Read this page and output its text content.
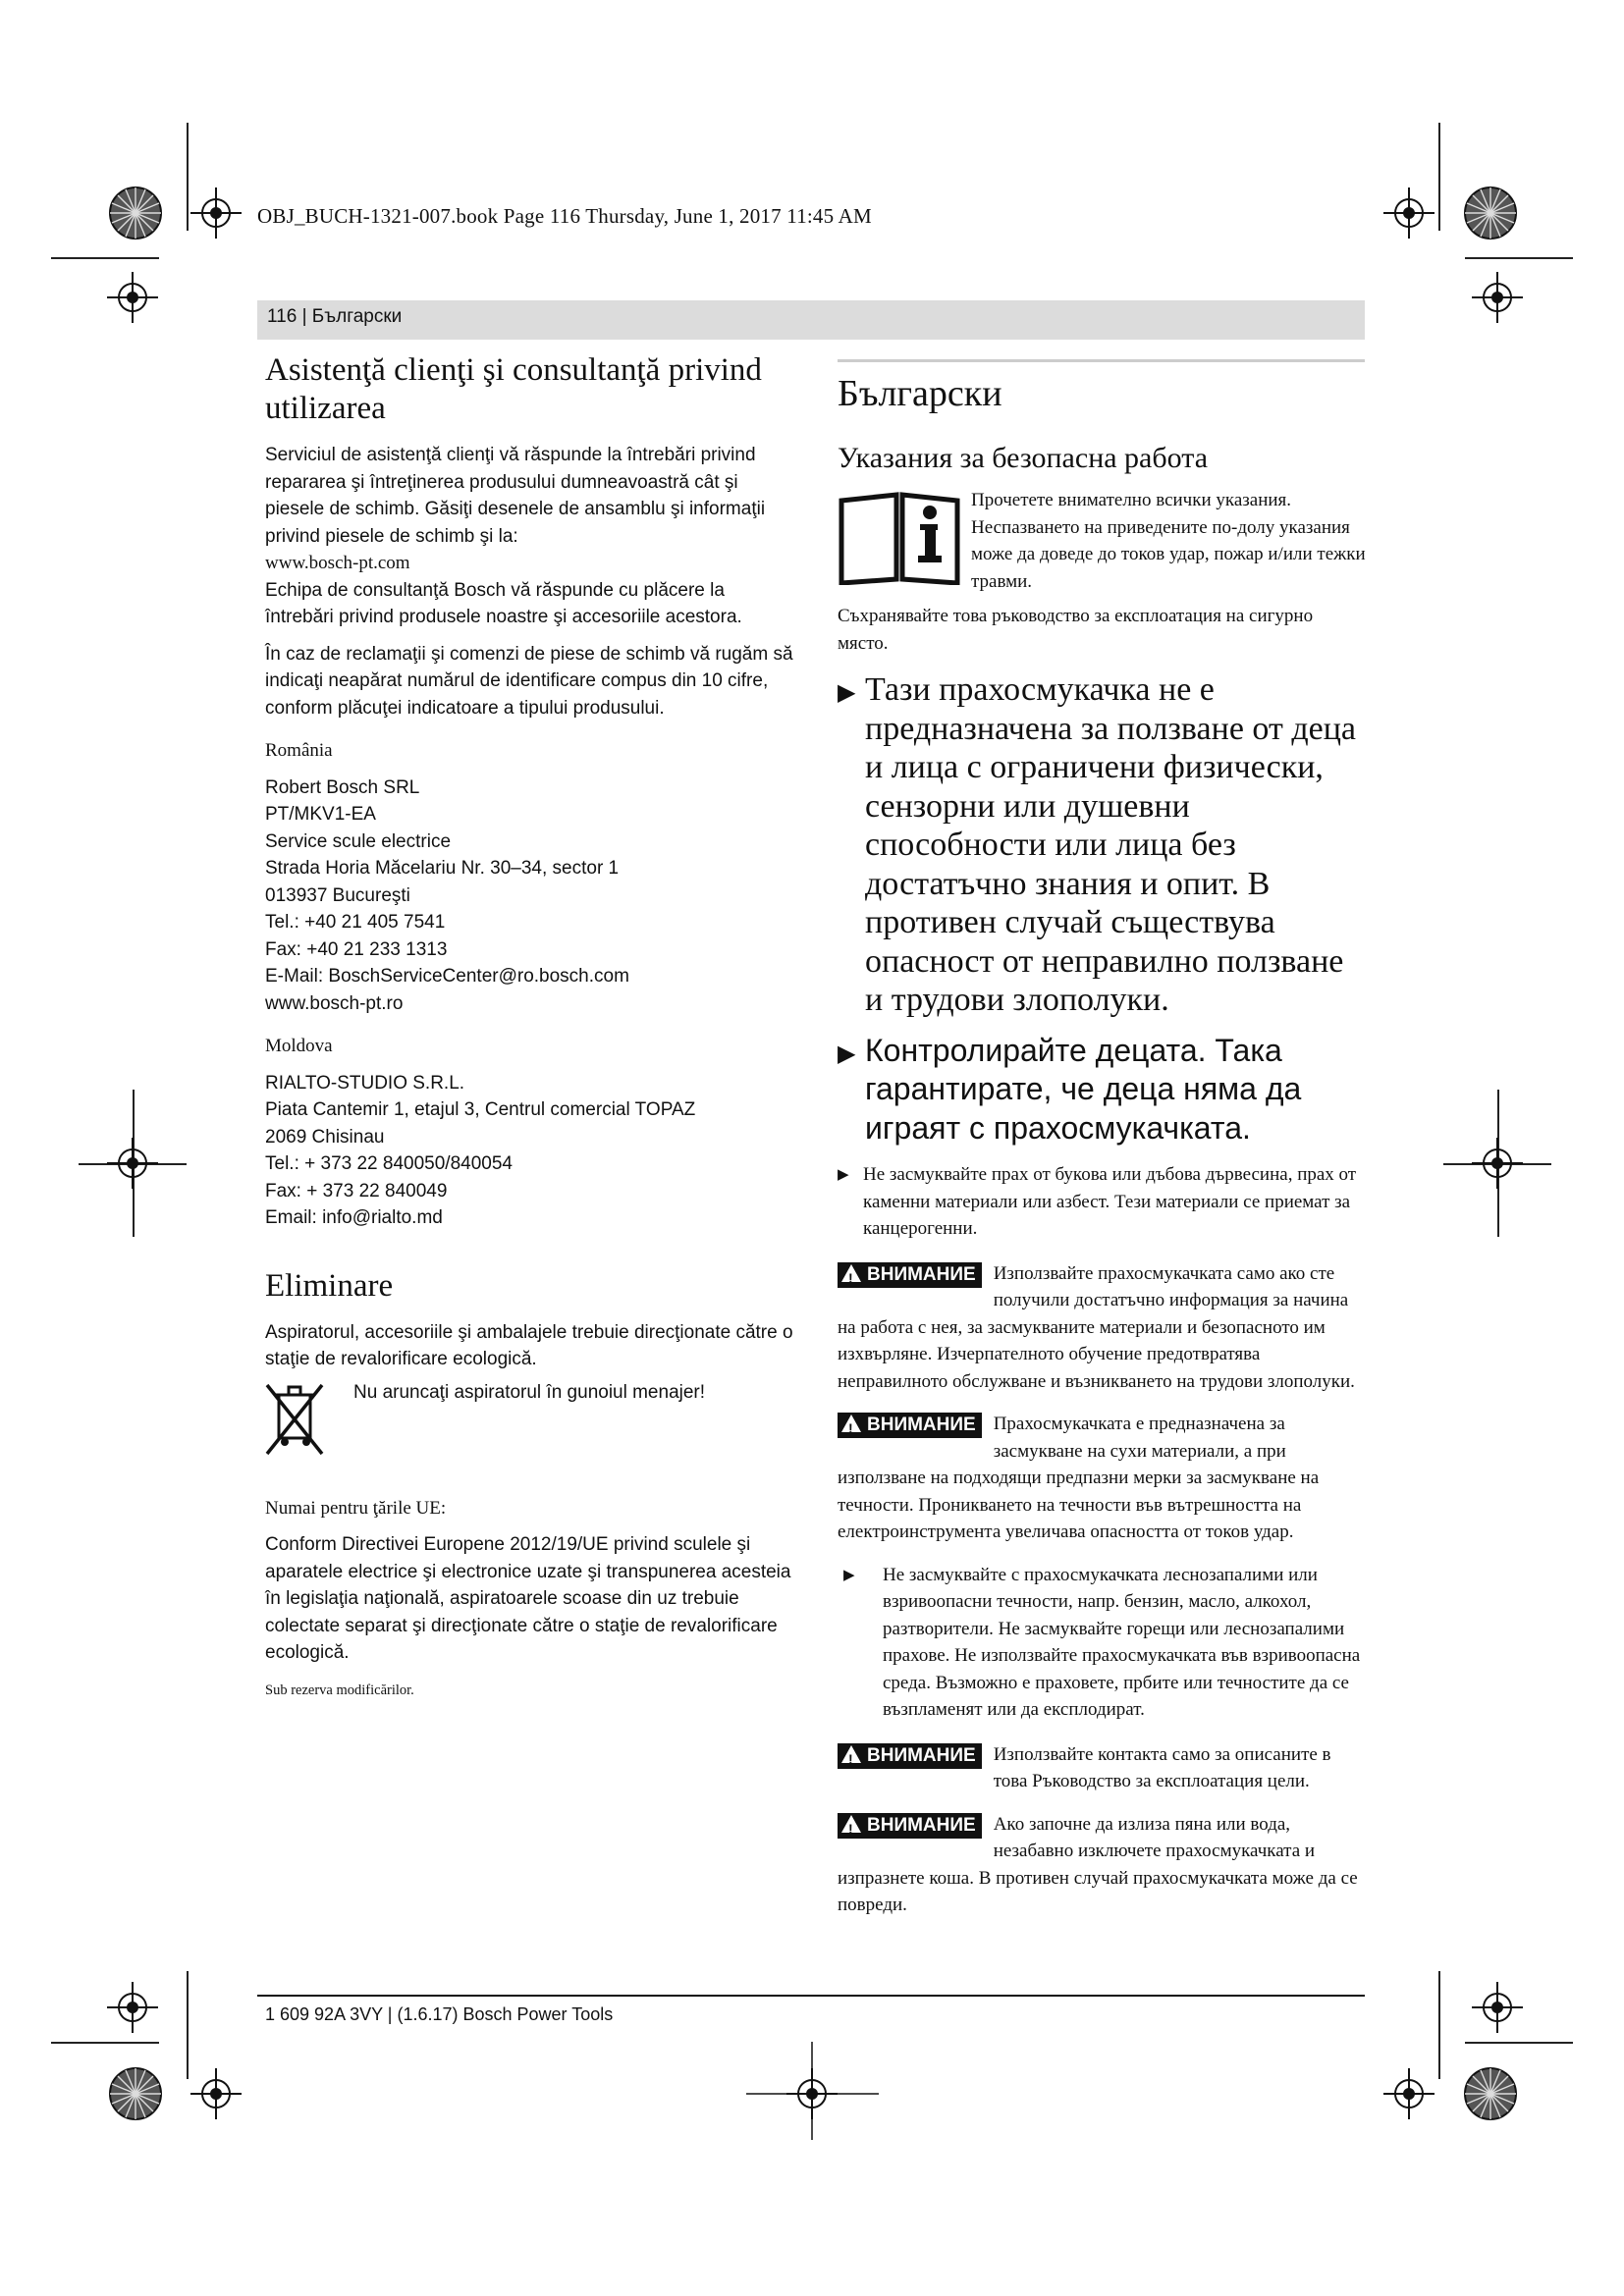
OBJ_BUCH-1321-007.book Page 116 Thursday, June 1, 2017 11:45 AM
116 | Български
Asistenţă clienţi şi consultanţă privind utilizarea

Serviciul de asistenţă clienţi vă răspunde la întrebări privind repararea şi întreţinerea produsului dumneavoastră cât şi piesele de schimb. Găsiţi desenele de ansamblu şi informaţii privind piesele de schimb şi la:

www.bosch-pt.com

Echipa de consultanţă Bosch vă răspunde cu plăcere la întrebări privind produsele noastre şi accesoriile acestora.

În caz de reclamaţii şi comenzi de piese de schimb vă rugăm să indicaţi neapărat numărul de identificare compus din 10 cifre, conform plăcuţei indicatoare a tipului produsului.

România

Robert Bosch SRL

PT/MKV1-EA

Service scule electrice

Strada Horia Măcelariu Nr. 30–34, sector 1

013937 Bucureşti

Tel.: +40 21 405 7541

Fax: +40 21 233 1313

E-Mail: BoschServiceCenter@ro.bosch.com

www.bosch-pt.ro

Moldova

RIALTO-STUDIO S.R.L.

Piata Cantemir 1, etajul 3, Centrul comercial TOPAZ

2069 Chisinau

Tel.: + 373 22 840050/840054

Fax: + 373 22 840049

Email: info@rialto.md

Eliminare

Aspiratorul, accesoriile şi ambalajele trebuie direcţionate către o staţie de revalorificare ecologică.

Nu aruncaţi aspiratorul în gunoiul menajer!

Numai pentru ţările UE:

Conform Directivei Europene 2012/19/UE privind sculele şi aparatele electrice şi electronice uzate şi transpunerea acesteia în legislaţia naţională, aspiratoarele scoase din uz trebuie colectate separat şi direcţionate către o staţie de revalorificare ecologică.

Sub rezerva modificărilor.

Български
Указания за безопасна работа

Прочетете внимателно всички указания. Неспазването на приведените по-долу указания може да доведе до токов удар, пожар и/или тежки травми.

Съхранявайте това ръководство за експлоатация на сигурно място.

▶ Тази прахосмукачка не е предназначена за ползване от деца и лица с ограничени физически, сензорни или душевни способности или лица без достатъчно знания и опит. В противен случай съществува опасност от неправилно ползване и трудови злополуки.

▶ Контролирайте децата. Така гарантирате, че деца няма да играят с прахосмукачката.

▶ Не засмуквайте прах от букова или дъбова дървесина, прах от каменни материали или азбест. Тези материали се приемат за канцерогенни.

!ВНИМАНИЕ Използвайте прахосмукачката само ако сте получили достатъчно информация за начина на работа с нея, за засмукваните материали и безопасното им изхвърляне. Изчерпателното обучение предотвратява неправилното обслужване и възникването на трудови злополуки.

!ВНИМАНИЕ Прахосмукачката е предназначена за засмукване на сухи материали, а при използване на подходящи предпазни мерки за засмукване на течности. Проникването на течности във вътрешността на електроинструмента увеличава опасността от токов удар.

▶ Не засмуквайте с прахосмукачката леснозапалими или взривоопасни течности, напр. бензин, масло, алкохол, разтворители. Не засмуквайте горещи или леснозапалими прахове. Не използвайте прахосмукачката във взривоопасна среда. Възможно е праховете, прбите или течностите да се възпламенят или да експлодират.

!ВНИМАНИЕ Използвайте контакта само за описаните в това Ръководство за експлоатация цели.

!ВНИМАНИЕ Ако започне да излиза пяна или вода, незабавно изключете прахосмукачката и изпразнете коша. В противен случай прахосмукачката може да се повреди.

1 609 92A 3VY | (1.6.17) Bosch Power Tools
